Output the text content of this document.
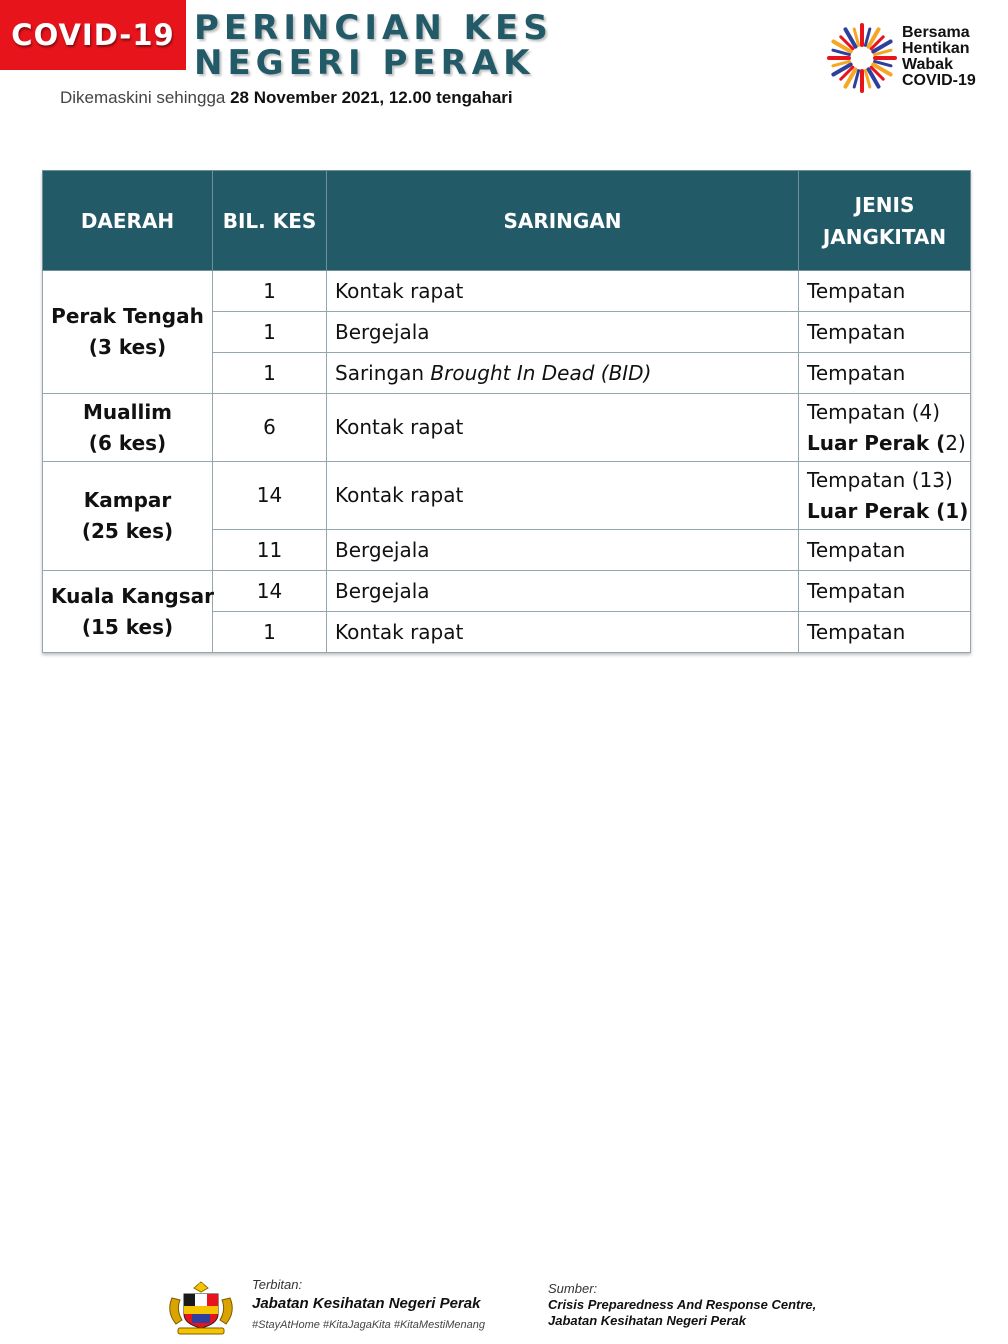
COVID-19 PERINCIAN KES
NEGERI PERAK
Dikemaskini sehingga 28 November 2021, 12.00 tengahari
Bersama
Hentikan
Wabak
COVID-19
DAERAH	BIL. KES	SARINGAN	JENIS
JANGKITAN

Perak Tengah
(3 kes)	1	Kontak rapat	Tempatan
	1	Bergejala	Tempatan
	1	Saringan Brought In Dead (BID)	Tempatan

Muallim
(6 kes)	6	Kontak rapat	Tempatan (4)
Luar Perak (2)

Kampar
(25 kes)	14	Kontak rapat	Tempatan (13)
Luar Perak (1)

	11	Bergejala	Tempatan

Kuala Kangsar
(15 kes)	14	Bergejala	Tempatan
	1	Kontak rapat	Tempatan
Terbitan:
Jabatan Kesihatan Negeri Perak
#StayAtHome #KitaJagaKita #KitaMestiMenang
Sumber:
Crisis Preparedness And Response Centre,
Jabatan Kesihatan Negeri Perak
